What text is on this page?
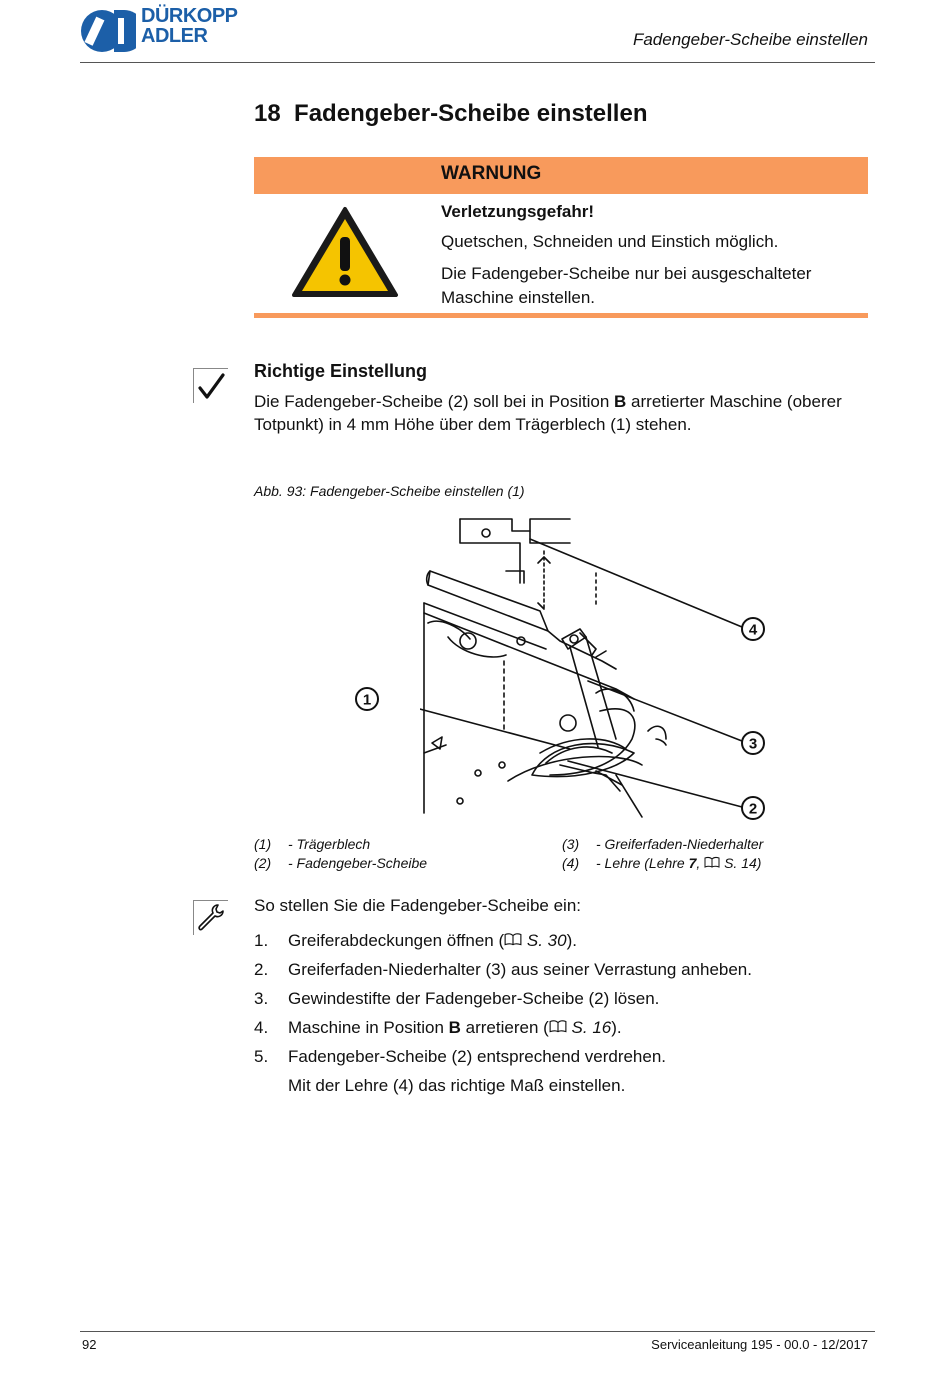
DÜRKOPP
ADLER	Fadengeber-Scheibe einstellen
18 Fadengeber-Scheibe einstellen
WARNUNG
Verletzungsgefahr!
Quetschen, Schneiden und Einstich möglich.
Die Fadengeber-Scheibe nur bei ausgeschalteter Maschine einstellen.
Richtige Einstellung
Die Fadengeber-Scheibe (2) soll bei in Position B arretierter Maschine (oberer Totpunkt) in 4 mm Höhe über dem Trägerblech (1) stehen.
Abb. 93: Fadengeber-Scheibe einstellen (1)
4
3
2
1
(1) - Trägerblech
(2) - Fadengeber-Scheibe
(3) - Greiferfaden-Niederhalter
(4) - Lehre (Lehre 7,  S. 14)
So stellen Sie die Fadengeber-Scheibe ein:
1. Greiferabdeckungen öffnen ( S. 30).
2. Greiferfaden-Niederhalter (3) aus seiner Verrastung anheben.
3. Gewindestifte der Fadengeber-Scheibe (2) lösen.
4. Maschine in Position B arretieren ( S. 16).
5. Fadengeber-Scheibe (2) entsprechend verdrehen.
Mit der Lehre (4) das richtige Maß einstellen.
92	Serviceanleitung 195 - 00.0 - 12/2017
